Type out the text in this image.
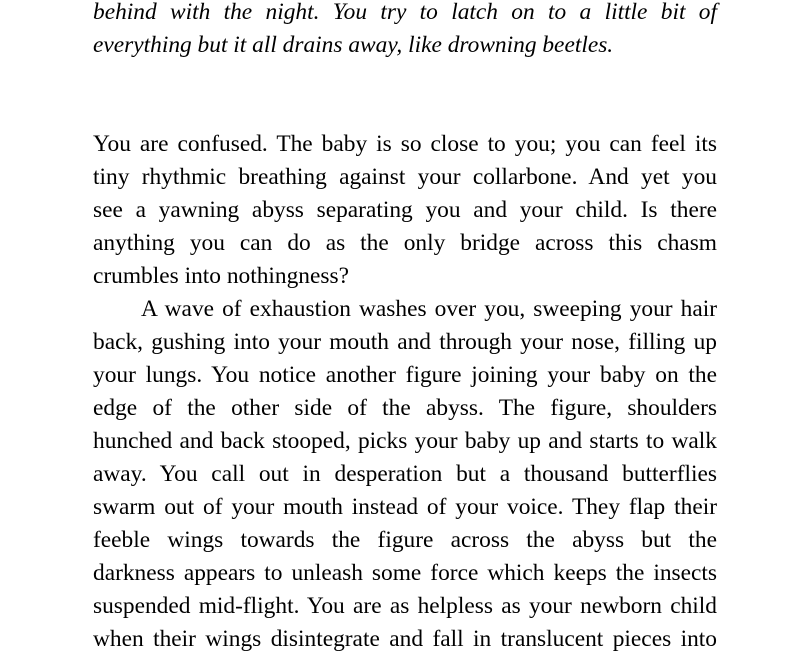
behind with the night. You try to latch on to a little bit of
everything but it all drains away, like drowning beetles.
You are confused. The baby is so close to you; you can feel its
tiny rhythmic breathing against your collarbone. And yet you
see a yawning abyss separating you and your child. Is there
anything you can do as the only bridge across this chasm
crumbles into nothingness?
A wave of exhaustion washes over you, sweeping your hair
back, gushing into your mouth and through your nose, filling up
your lungs. You notice another figure joining your baby on the
edge of the other side of the abyss. The figure, shoulders
hunched and back stooped, picks your baby up and starts to walk
away. You call out in desperation but a thousand butterflies
swarm out of your mouth instead of your voice. They flap their
feeble wings towards the figure across the abyss but the
darkness appears to unleash some force which keeps the insects
suspended mid-flight. You are as helpless as your newborn child
when their wings disintegrate and fall in translucent pieces into
